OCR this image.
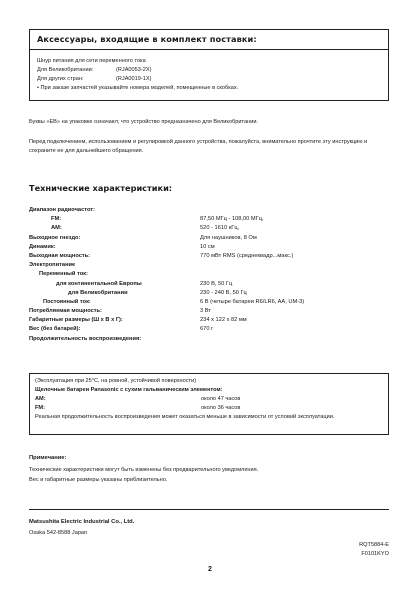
Аксессуары, входящие в комплект поставки:
Шнур питания для сети переменного тока
Для Великобритании:	(RJA0053-2X)
Для других стран:	(RJA0019-1X)
• При заказе запчастей указывайте номера моделей, помещенные в скобках.
Буквы «EB» на упаковке означают, что устройство предназначено для Великобритании.
Перед подключением, использованием и регулировкой данного устройства, пожалуйста, внимательно прочтите эту инструкцию и сохраните ее для дальнейшего обращения.
Технические характеристики:
Диапазон радиочастот:
FM:	87,50 МГц - 108,00 МГц,
AM:	520 - 1610 кГц,
Выходное гнездо:	Для наушников, 8 Ом
Динамик:	10 см
Выходная мощность:	770 мВт RMS (среднеквадр...макс.)
Электропитание
Переменный ток:
для континентальной Европы	230 В, 50 Гц
для Великобритании	230 - 240 В, 50 Гц
Постоянный ток:	6 В (четыре батареи R6/LR6, AA, UM-3)
Потребляемая мощность:	3 Вт
Габаритные размеры (Ш x В x Г):	234 x 122 x 82 мм
Вес (без батарей):	670 г
Продолжительность воспроизведения:
(Эксплуатация при 25°C, на ровной, устойчивой поверхности)
Щелочные батареи Panasonic с сухим гальваническим элементом:
AM:	около 47 часов
FM:	около 36 часов
Реальная продолжительность воспроизведения может оказаться меньше в зависимости от условий эксплуатации.
Примечание:
Технические характеристики могут быть изменены без предварительного уведомления.
Вес и габаритные размеры указаны приблизительно.
Matsushita Electric Industrial Co., Ltd.
Osaka 542-8588 Japan
RQT5884-E
F0101KYO
2
